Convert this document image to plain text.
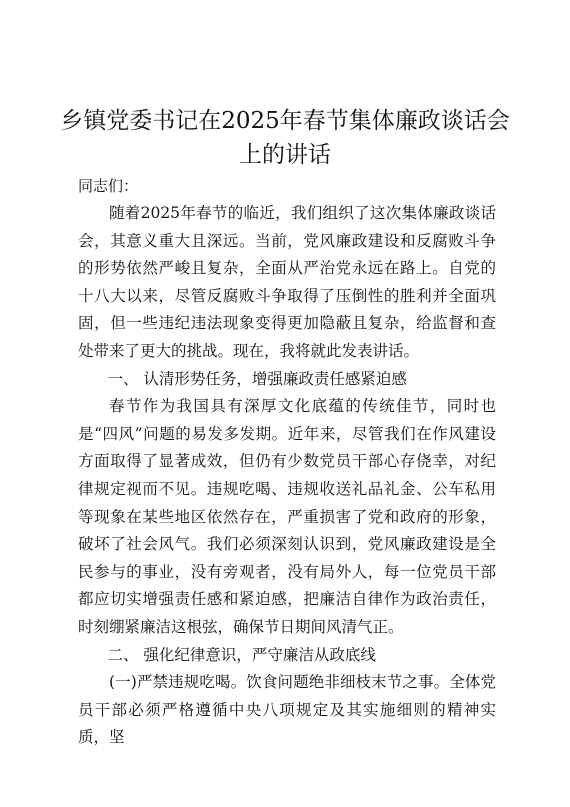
乡镇党委书记在2025年春节集体廉政谈话会
上的讲话
同志们：

随着2025年春节的临近，我们组织了这次集体廉政谈话会，其意义重大且深远。当前，党风廉政建设和反腐败斗争的形势依然严峻且复杂，全面从严治党永远在路上。自党的十八大以来，尽管反腐败斗争取得了压倒性的胜利并全面巩固，但一些违纪违法现象变得更加隐蔽且复杂，给监督和查处带来了更大的挑战。现在，我将就此发表讲话。

一、 认清形势任务，增强廉政责任感紧迫感

春节作为我国具有深厚文化底蕴的传统佳节，同时也是“四风”问题的易发多发期。近年来，尽管我们在作风建设方面取得了显著成效，但仍有少数党员干部心存侥幸，对纪律规定视而不见。违规吃喝、违规收送礼品礼金、公车私用等现象在某些地区依然存在，严重损害了党和政府的形象，破坏了社会风气。我们必须深刻认识到，党风廉政建设是全民参与的事业，没有旁观者，没有局外人，每一位党员干部都应切实增强责任感和紧迫感，把廉洁自律作为政治责任，时刻绷紧廉洁这根弦，确保节日期间风清气正。

二、 强化纪律意识，严守廉洁从政底线

(一)严禁违规吃喝。饮食问题绝非细枝末节之事。全体党员干部必须严格遵循中央八项规定及其实施细则的精神实质，坚
